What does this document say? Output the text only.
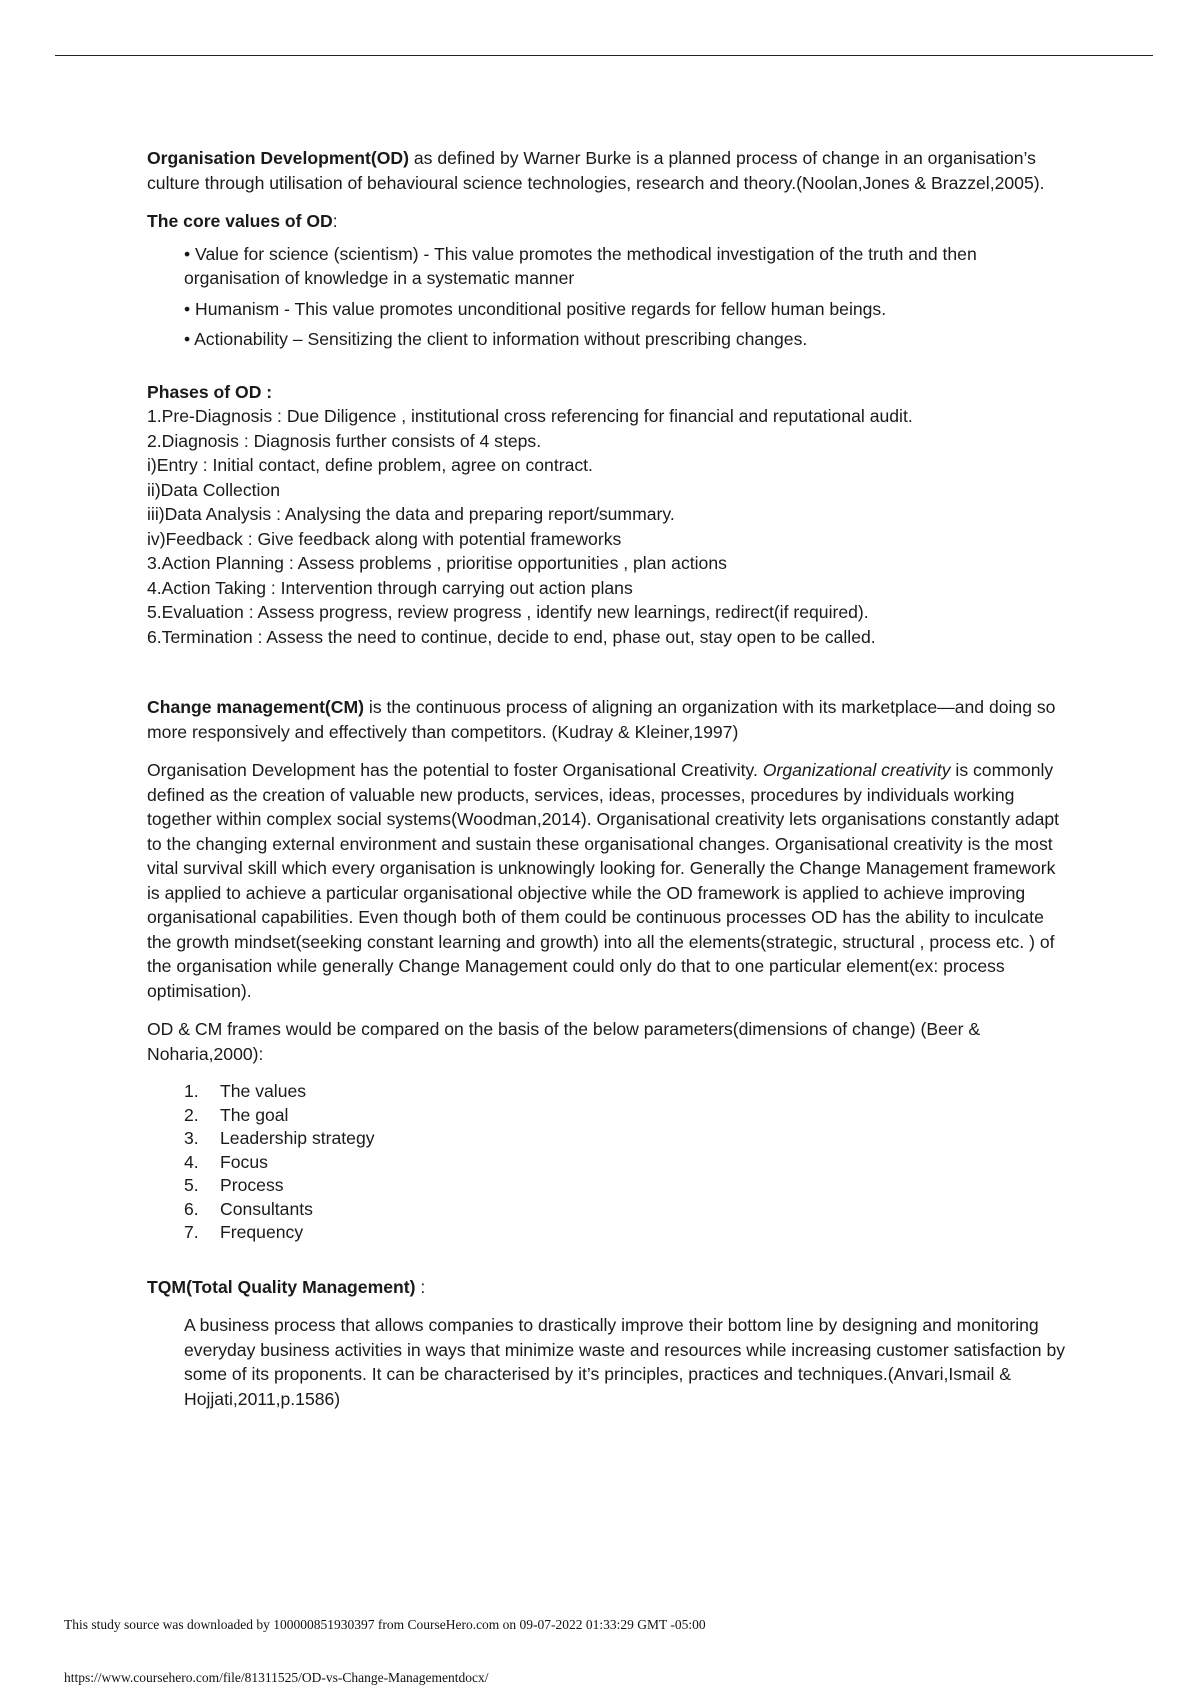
Organisation Development(OD) as defined by Warner Burke is a planned process of change in an organisation’s culture through utilisation of behavioural science technologies, research and theory.(Noolan,Jones & Brazzel,2005).

The core values of OD:

• Value for science (scientism) - This value promotes the methodical investigation of the truth and then organisation of knowledge in a systematic manner

• Humanism - This value promotes unconditional positive regards for fellow human beings.

• Actionability – Sensitizing the client to information without prescribing changes.

Phases of OD :

1.Pre-Diagnosis : Due Diligence , institutional cross referencing for financial and reputational audit.

2.Diagnosis : Diagnosis further consists of 4 steps.

i)Entry : Initial contact, define problem, agree on contract.

ii)Data Collection

iii)Data Analysis : Analysing the data and preparing report/summary.

iv)Feedback : Give feedback along with potential frameworks

3.Action Planning : Assess problems , prioritise opportunities , plan actions

4.Action Taking : Intervention through carrying out action plans

5.Evaluation : Assess progress, review progress , identify new learnings, redirect(if required).

6.Termination : Assess the need to continue, decide to end, phase out, stay open to be called.

Change management(CM) is the continuous process of aligning an organization with its marketplace—and doing so more responsively and effectively than competitors. (Kudray & Kleiner,1997)

Organisation Development has the potential to foster Organisational Creativity. Organizational creativity is commonly defined as the creation of valuable new products, services, ideas, processes, procedures by individuals working together within complex social systems(Woodman,2014). Organisational creativity lets organisations constantly adapt to the changing external environment and sustain these organisational changes. Organisational creativity is the most vital survival skill which every organisation is unknowingly looking for. Generally the Change Management framework is applied to achieve a particular organisational objective while the OD framework is applied to achieve improving organisational capabilities. Even though both of them could be continuous processes OD has the ability to inculcate the growth mindset(seeking constant learning and growth) into all the elements(strategic, structural , process etc. ) of the organisation while generally Change Management could only do that to one particular element(ex: process optimisation).

OD & CM frames would be compared on the basis of the below parameters(dimensions of change) (Beer & Noharia,2000):

1. The values
2. The goal
3. Leadership strategy
4. Focus
5. Process
6. Consultants
7. Frequency

TQM(Total Quality Management) :

A business process that allows companies to drastically improve their bottom line by designing and monitoring everyday business activities in ways that minimize waste and resources while increasing customer satisfaction by some of its proponents. It can be characterised by it’s principles, practices and techniques.(Anvari,Ismail & Hojjati,2011,p.1586)

This study source was downloaded by 100000851930397 from CourseHero.com on 09-07-2022 01:33:29 GMT -05:00
https://www.coursehero.com/file/81311525/OD-vs-Change-Managementdocx/
